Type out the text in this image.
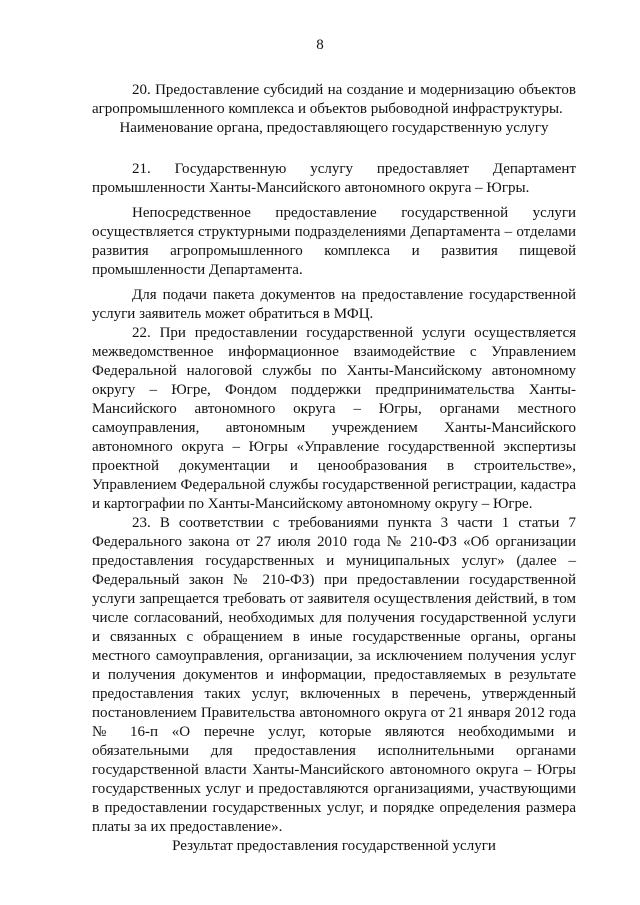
8

20. Предоставление субсидий на создание и модернизацию объектов агропромышленного комплекса и объектов рыбоводной инфраструктуры.

Наименование органа, предоставляющего государственную услугу

21. Государственную услугу предоставляет Департамент промышленности Ханты-Мансийского автономного округа – Югры.

Непосредственное предоставление государственной услуги осуществляется структурными подразделениями Департамента – отделами развития агропромышленного комплекса и развития пищевой промышленности Департамента.

Для подачи пакета документов на предоставление государственной услуги заявитель может обратиться в МФЦ.

22. При предоставлении государственной услуги осуществляется межведомственное информационное взаимодействие с Управлением Федеральной налоговой службы по Ханты-Мансийскому автономному округу – Югре, Фондом поддержки предпринимательства Ханты-Мансийского автономного округа – Югры, органами местного самоуправления, автономным учреждением Ханты-Мансийского автономного округа – Югры «Управление государственной экспертизы проектной документации и ценообразования в строительстве», Управлением Федеральной службы государственной регистрации, кадастра и картографии по Ханты-Мансийскому автономному округу – Югре.

23. В соответствии с требованиями пункта 3 части 1 статьи 7 Федерального закона от 27 июля 2010 года № 210-ФЗ «Об организации предоставления государственных и муниципальных услуг» (далее – Федеральный закон № 210-ФЗ) при предоставлении государственной услуги запрещается требовать от заявителя осуществления действий, в том числе согласований, необходимых для получения государственной услуги и связанных с обращением в иные государственные органы, органы местного самоуправления, организации, за исключением получения услуг и получения документов и информации, предоставляемых в результате предоставления таких услуг, включенных в перечень, утвержденный постановлением Правительства автономного округа от 21 января 2012 года № 16-п «О перечне услуг, которые являются необходимыми и обязательными для предоставления исполнительными органами государственной власти Ханты-Мансийского автономного округа – Югры государственных услуг и предоставляются организациями, участвующими в предоставлении государственных услуг, и порядке определения размера платы за их предоставление».

Результат предоставления государственной услуги
